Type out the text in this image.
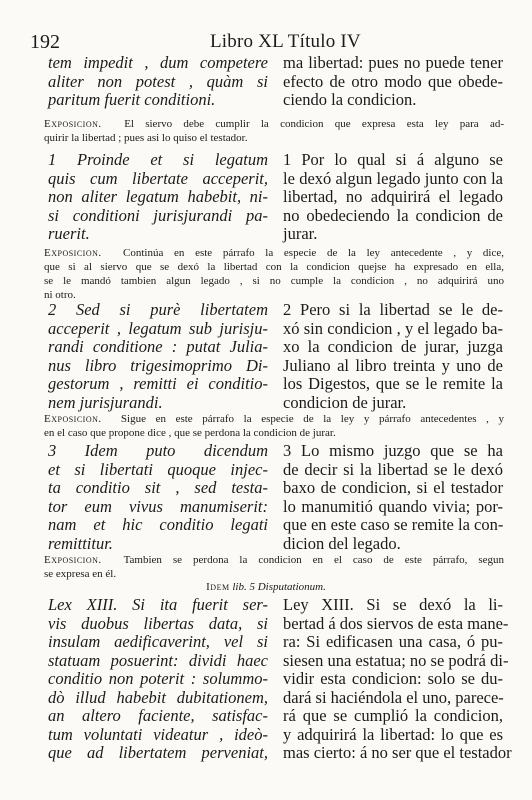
192	Libro XL Título IV
tem impedit , dum competere
aliter non potest , quàm si
paritum fuerit conditioni.
ma libertad: pues no puede tener
efecto de otro modo que obede-
ciendo la condicion.
Exposicion. El siervo debe cumplir la condicion que expresa esta ley para ad-
quirir la libertad ; pues asi lo quiso el testador.
1 Proinde et si legatum
quis cum libertate acceperit,
non aliter legatum habebit, ni-
si conditioni jurisjurandi pa-
ruerit.
1 Por lo qual si á alguno se
le dexó algun legado junto con la
libertad, no adquirirá el legado
no obedeciendo la condicion de
jurar.
Exposicion. Continúa en este párrafo la especie de la ley antecedente , y dice,
que si al siervo que se dexó la libertad con la condicion quejse ha expresado en ella,
se le mandó tambien algun legado , si no cumple la condicion , no adquirirá uno
ni otro.
2 Sed si purè libertatem
acceperit , legatum sub jurisju-
randi conditione : putat Julia-
nus libro trigesimoprimo Di-
gestorum , remitti ei conditio-
nem jurisjurandi.
2 Pero si la libertad se le de-
xó sin condicion , y el legado ba-
xo la condicion de jurar, juzga
Juliano al libro treinta y uno de
los Digestos, que se le remite la
condicion de jurar.
Exposicion. Sigue en este párrafo la especie de la ley y párrafo antecedentes , y
en el caso que propone dice , que se perdona la condicion de jurar.
3 Idem puto dicendum
et si libertati quoque injec-
ta conditio sit , sed testa-
tor eum vivus manumiserit:
nam et hic conditio legati
remittitur.
3 Lo mismo juzgo que se ha
de decir si la libertad se le dexó
baxo de condicion, si el testador
lo manumitió quando vivia; por-
que en este caso se remite la con-
dicion del legado.
Exposicion. Tambien se perdona la condicion en el caso de este párrafo, segun
se expresa en él.
Idem lib. 5 Disputationum.
Lex XIII. Si ita fuerit ser-
vis duobus libertas data, si
insulam aedificaverint, vel si
statuam posuerint: dividi haec
conditio non poterit : solummo-
dò illud habebit dubitationem,
an altero faciente, satisfac-
tum voluntati videatur , ideò-
que ad libertatem perveniat,
Ley XIII. Si se dexó la li-
bertad á dos siervos de esta mane-
ra: Si edificasen una casa, ó pu-
siesen una estatua; no se podrá di-
vidir esta condicion: solo se du-
dará si haciéndola el uno, parece-
rá que se cumplió la condicion,
y adquirirá la libertad: lo que es
mas cierto: á no ser que el testador
